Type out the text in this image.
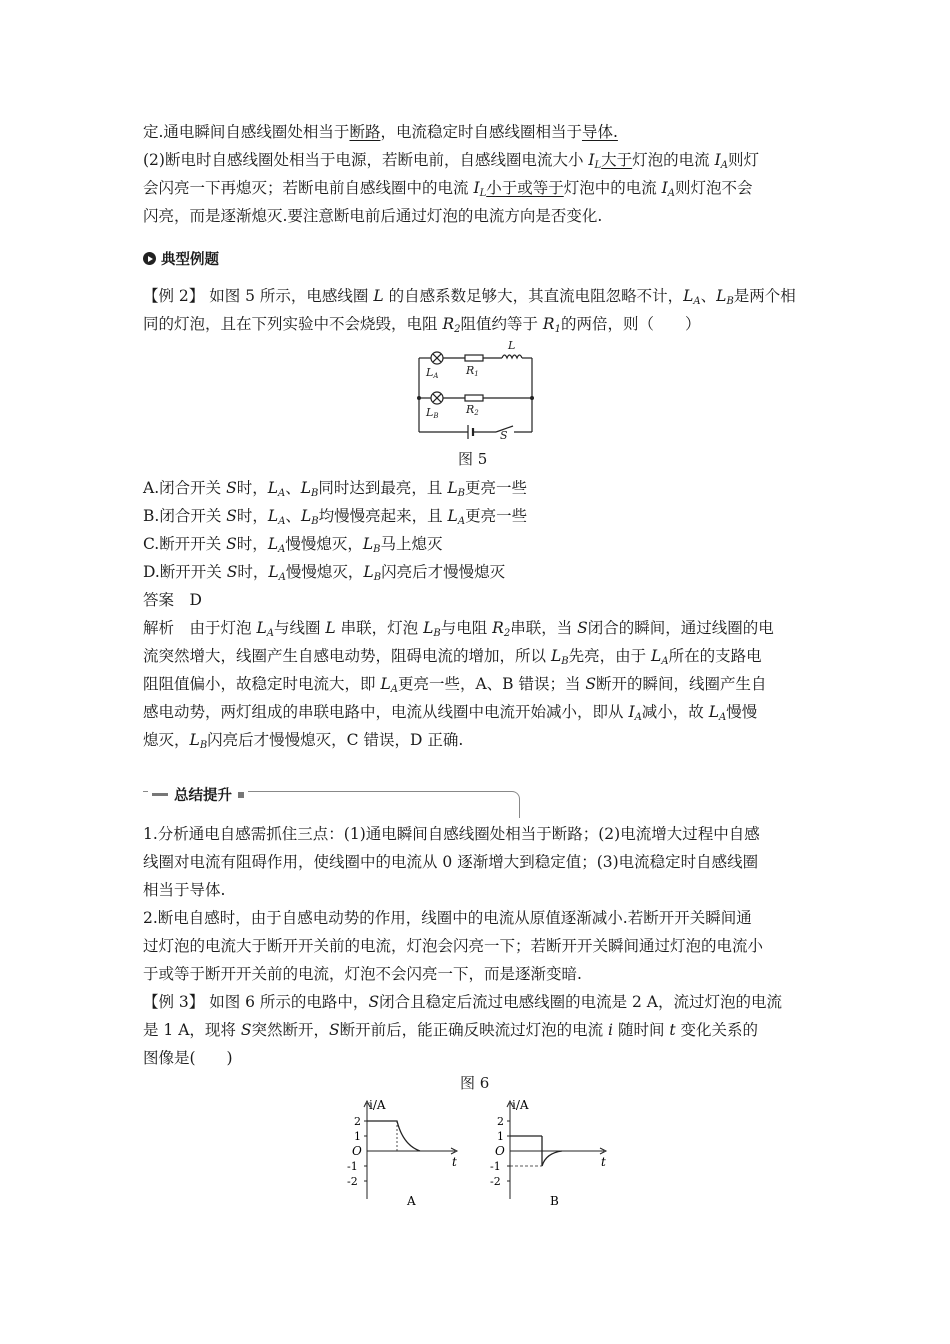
定.通电瞬间自感线圈处相当于断路，电流稳定时自感线圈相当于导体.
(2)断电时自感线圈处相当于电源，若断电前，自感线圈电流大小 $I_L$大于灯泡的电流 $I_A$则灯
会闪亮一下再熄灭；若断电前自感线圈中的电流 $I_L$小于或等于灯泡中的电流 $I_A$则灯泡不会
闪亮，而是逐渐熄灭.要注意断电前后通过灯泡的电流方向是否变化.
典型例题
【例 2】 如图 5 所示，电感线圈 L 的自感系数足够大，其直流电阻忽略不计，$L_A$、$L_B$是两个相
同的灯泡，且在下列实验中不会烧毁，电阻 $R_2$阻值约等于 $R_1$的两倍，则（　　）
LA	R1
L
LB	R2
S
图 5
A.闭合开关 S时，$L_A$、$L_B$同时达到最亮，且 $L_B$更亮一些
B.闭合开关 S时，$L_A$、$L_B$均慢慢亮起来，且 $L_A$更亮一些
C.断开开关 S时，$L_A$慢慢熄灭，$L_B$马上熄灭
D.断开开关 S时，$L_A$慢慢熄灭，$L_B$闪亮后才慢慢熄灭
答案　D
解析　由于灯泡 $L_A$与线圈 L 串联，灯泡 $L_B$与电阻 $R_2$串联，当 S闭合的瞬间，通过线圈的电
流突然增大，线圈产生自感电动势，阻碍电流的增加，所以 $L_B$先亮，由于 $L_A$所在的支路电
阻阻值偏小，故稳定时电流大，即 $L_A$更亮一些，A、B 错误；当 S断开的瞬间，线圈产生自
感电动势，两灯组成的串联电路中，电流从线圈中电流开始减小，即从 $I_A$减小，故 $L_A$慢慢
熄灭，$L_B$闪亮后才慢慢熄灭，C 错误，D 正确.
总结提升
1.分析通电自感需抓住三点：(1)通电瞬间自感线圈处相当于断路；(2)电流增大过程中自感
线圈对电流有阻碍作用，使线圈中的电流从 0 逐渐增大到稳定值；(3)电流稳定时自感线圈
相当于导体.
2.断电自感时，由于自感电动势的作用，线圈中的电流从原值逐渐减小.若断开开关瞬间通
过灯泡的电流大于断开开关前的电流，灯泡会闪亮一下；若断开开关瞬间通过灯泡的电流小
于或等于断开开关前的电流，灯泡不会闪亮一下，而是逐渐变暗.
【例 3】 如图 6 所示的电路中，S闭合且稳定后流过电感线圈的电流是 2 A，流过灯泡的电流
是 1 A，现将 S突然断开，S断开前后，能正确反映流过灯泡的电流 i 随时间 t 变化关系的
图像是(　　)
图 6
i/A
t
O
2
1
-1
-2
A
i/A
t
O
2
1
-1
-2
B
